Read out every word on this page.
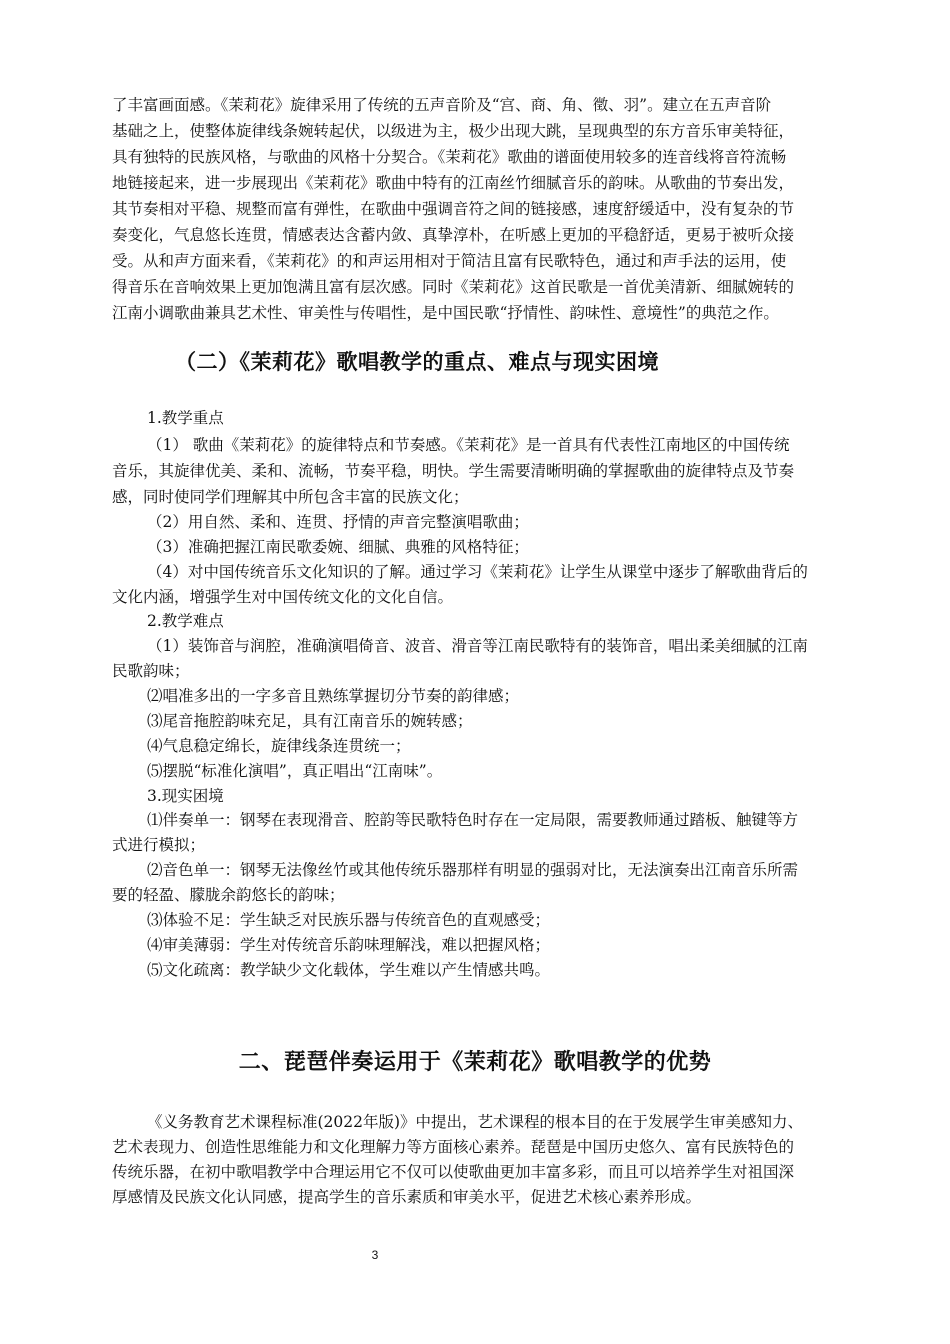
了丰富画面感。《茉莉花》旋律采用了传统的五声音阶及“宫、商、角、徵、羽”。建立在五声音阶
基础之上，使整体旋律线条婉转起伏，以级进为主，极少出现大跳，呈现典型的东方音乐审美特征，
具有独特的民族风格，与歌曲的风格十分契合。《茉莉花》歌曲的谱面使用较多的连音线将音符流畅
地链接起来，进一步展现出《茉莉花》歌曲中特有的江南丝竹细腻音乐的韵味。从歌曲的节奏出发，
其节奏相对平稳、规整而富有弹性，在歌曲中强调音符之间的链接感，速度舒缓适中，没有复杂的节
奏变化，气息悠长连贯，情感表达含蓄内敛、真挚淳朴，在听感上更加的平稳舒适，更易于被听众接
受。从和声方面来看，《茉莉花》的和声运用相对于简洁且富有民歌特色，通过和声手法的运用，使
得音乐在音响效果上更加饱满且富有层次感。同时《茉莉花》这首民歌是一首优美清新、细腻婉转的
江南小调歌曲兼具艺术性、审美性与传唱性，是中国民歌“抒情性、韵味性、意境性”的典范之作。
（二）《茉莉花》歌唱教学的重点、难点与现实困境
1.教学重点
（1） 歌曲《茉莉花》的旋律特点和节奏感。《茉莉花》是一首具有代表性江南地区的中国传统
音乐，其旋律优美、柔和、流畅，节奏平稳，明快。学生需要清晰明确的掌握歌曲的旋律特点及节奏
感，同时使同学们理解其中所包含丰富的民族文化；
（2）用自然、柔和、连贯、抒情的声音完整演唱歌曲；
（3）准确把握江南民歌委婉、细腻、典雅的风格特征；
（4）对中国传统音乐文化知识的了解。通过学习《茉莉花》让学生从课堂中逐步了解歌曲背后的
文化内涵，增强学生对中国传统文化的文化自信。
2.教学难点
（1）装饰音与润腔，准确演唱倚音、波音、滑音等江南民歌特有的装饰音，唱出柔美细腻的江南
民歌韵味；
⑵唱准多出的一字多音且熟练掌握切分节奏的韵律感；
⑶尾音拖腔韵味充足，具有江南音乐的婉转感；
⑷气息稳定绵长，旋律线条连贯统一；
⑸摆脱“标准化演唱”，真正唱出“江南味”。
3.现实困境
⑴伴奏单一：钢琴在表现滑音、腔韵等民歌特色时存在一定局限，需要教师通过踏板、触键等方
式进行模拟；
⑵音色单一：钢琴无法像丝竹或其他传统乐器那样有明显的强弱对比，无法演奏出江南音乐所需
要的轻盈、朦胧余韵悠长的韵味；
⑶体验不足：学生缺乏对民族乐器与传统音色的直观感受；
⑷审美薄弱：学生对传统音乐韵味理解浅，难以把握风格；
⑸文化疏离：教学缺少文化载体，学生难以产生情感共鸣。
二、琵琶伴奏运用于《茉莉花》歌唱教学的优势
《义务教育艺术课程标准(2022年版)》中提出，艺术课程的根本目的在于发展学生审美感知力、
艺术表现力、创造性思维能力和文化理解力等方面核心素养。琵琶是中国历史悠久、富有民族特色的
传统乐器，在初中歌唱教学中合理运用它不仅可以使歌曲更加丰富多彩，而且可以培养学生对祖国深
厚感情及民族文化认同感，提高学生的音乐素质和审美水平，促进艺术核心素养形成。
3
